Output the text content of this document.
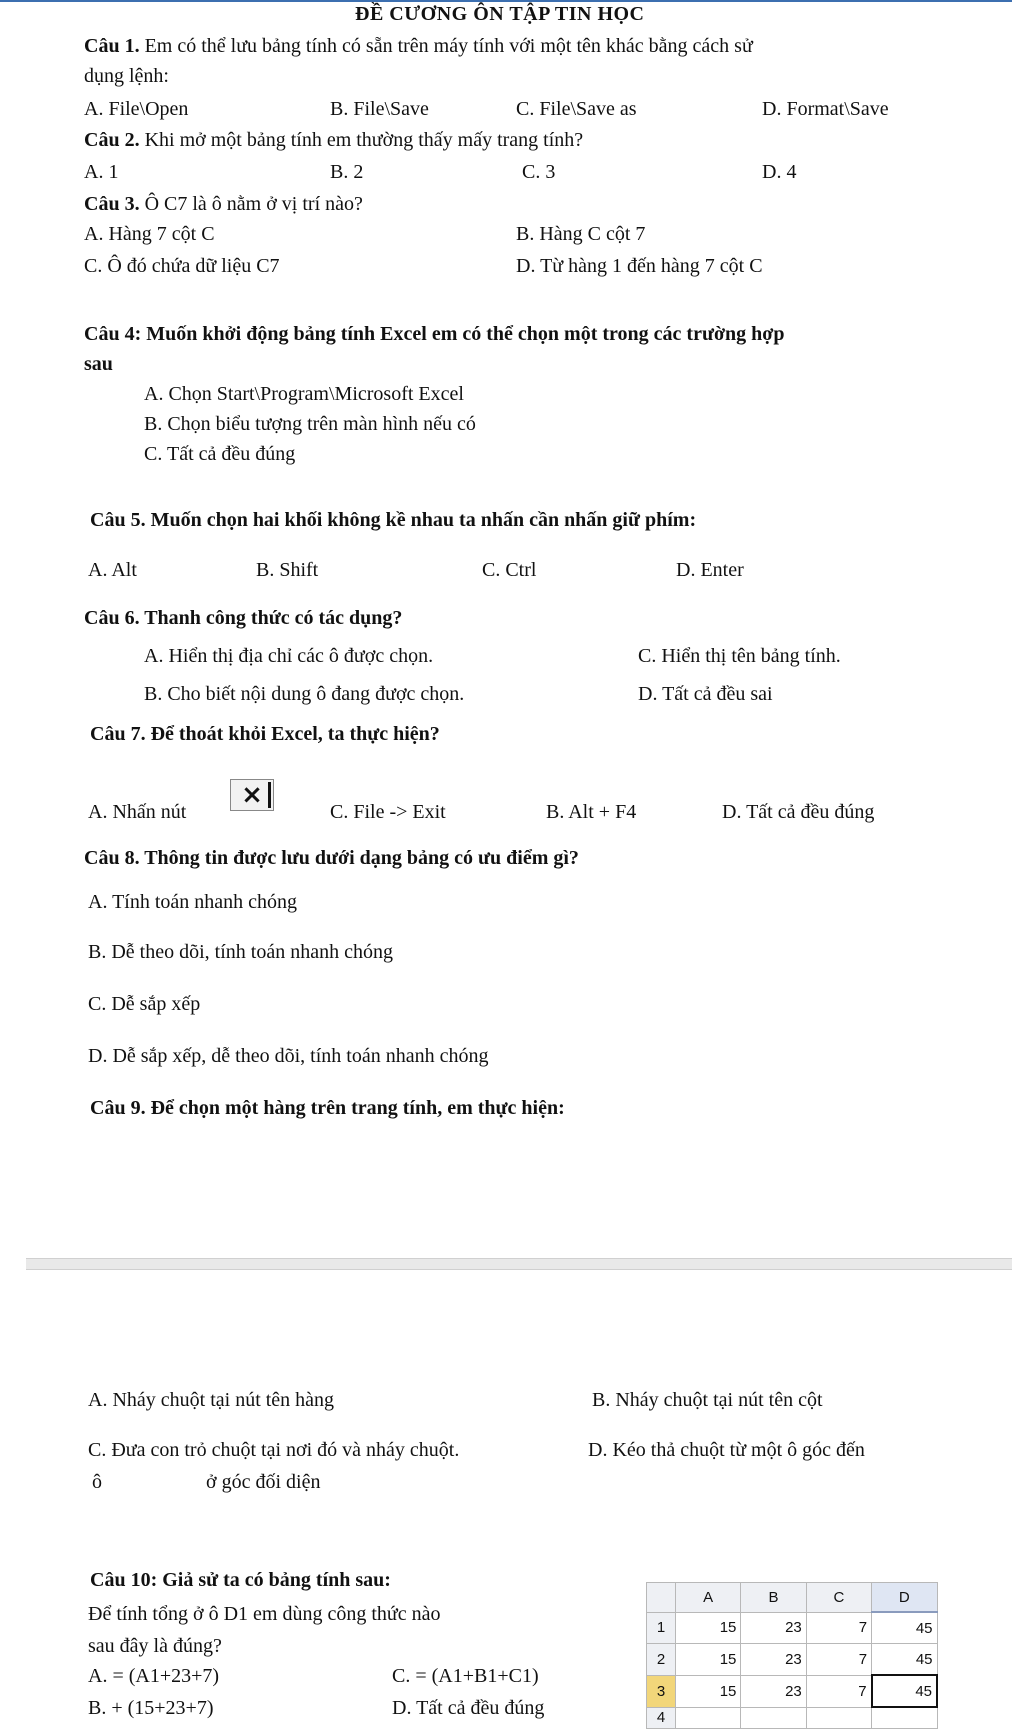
ĐỀ CƯƠNG ÔN TẬP TIN HỌC
Câu 1. Em có thể lưu bảng tính có sẵn trên máy tính với một tên khác bằng cách sử
dụng lệnh:
A. File\Open	B. File\Save	C. File\Save as	D. Format\Save
Câu 2. Khi mở một bảng tính em thường thấy mấy trang tính?
A. 1	B. 2	C. 3	D. 4
Câu 3. Ô C7 là ô nằm ở vị trí nào?
A. Hàng 7 cột C	B. Hàng C cột 7
C. Ô đó chứa dữ liệu C7	D. Từ hàng 1 đến hàng 7 cột C
Câu 4: Muốn khởi động bảng tính Excel em có thể chọn một trong các trường hợp
sau
A. Chọn Start\Program\Microsoft Excel
B. Chọn biểu tượng trên màn hình nếu có
C. Tất cả đều đúng
Câu 5. Muốn chọn hai khối không kề nhau ta nhấn cần nhấn giữ phím:
A. Alt	B. Shift	C. Ctrl	D. Enter
Câu 6. Thanh công thức có tác dụng?
A. Hiển thị địa chỉ các ô được chọn.	C. Hiển thị tên bảng tính.
B. Cho biết nội dung ô đang được chọn.	D. Tất cả đều sai
Câu 7. Để thoát khỏi Excel, ta thực hiện?
A. Nhấn nút
×
C. File -> Exit	B. Alt + F4	D. Tất cả đều đúng
Câu 8. Thông tin được lưu dưới dạng bảng có ưu điểm gì?
A. Tính toán nhanh chóng
B. Dễ theo dõi, tính toán nhanh chóng
C. Dễ sắp xếp
D. Dễ sắp xếp, dễ theo dõi, tính toán nhanh chóng
Câu 9. Để chọn một hàng trên trang tính, em thực hiện:
A. Nháy chuột tại nút tên hàng	B. Nháy chuột tại nút tên cột
C. Đưa con trỏ chuột tại nơi đó và nháy chuột.	D. Kéo thả chuột từ một ô góc đến
ô	ở góc đối diện
Câu 10: Giả sử ta có bảng tính sau:
Để tính tổng ở ô D1 em dùng công thức nào
sau đây là đúng?
A. = (A1+23+7)	C. = (A1+B1+C1)
B. + (15+23+7)	D. Tất cả đều đúng
	A	B	C	D
1	15	23	7	45
2	15	23	7	45
3	15	23	7	45
4				
